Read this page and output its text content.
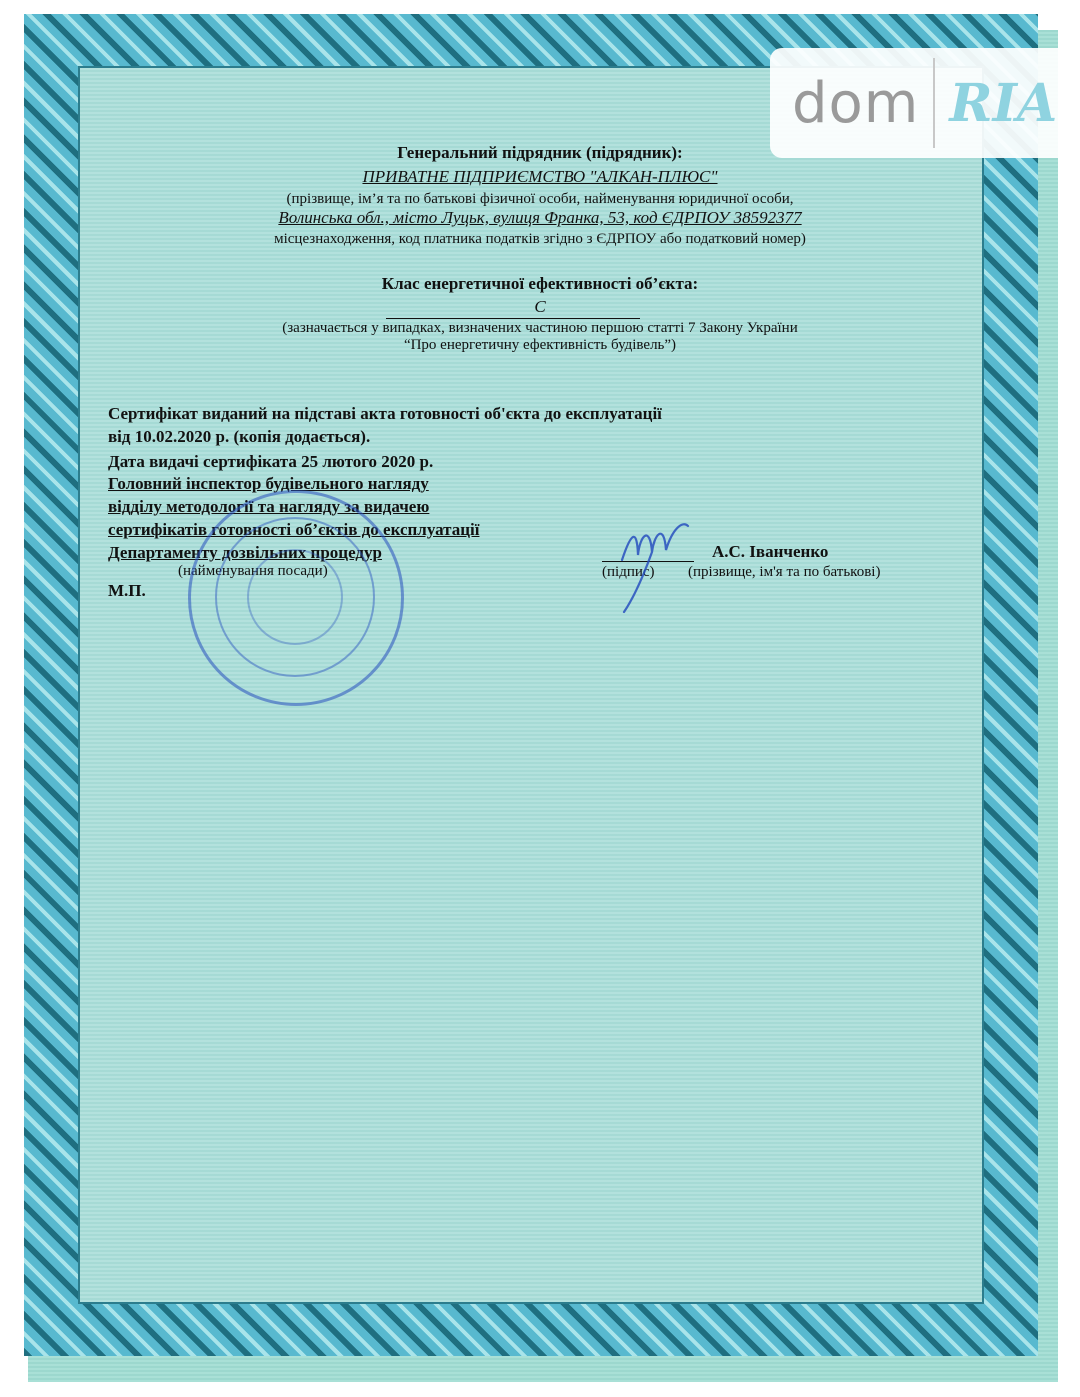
dom RIA
Генеральний підрядник (підрядник):
ПРИВАТНЕ ПІДПРИЄМСТВО "АЛКАН-ПЛЮС"
(прізвище, ім’я та по батькові фізичної особи, найменування юридичної особи,
Волинська обл., місто Луцьк, вулиця Франка, 53, код ЄДРПОУ 38592377
місцезнаходження, код платника податків згідно з ЄДРПОУ або податковий номер)
Клас енергетичної ефективності об’єкта:
С
(зазначається у випадках, визначених частиною першою статті 7 Закону України
“Про енергетичну ефективність будівель”)
Сертифікат виданий на підставі акта готовності об'єкта до експлуатації
від 10.02.2020 р. (копія додається).
Дата видачі сертифіката 25 лютого 2020 р.
Головний інспектор будівельного нагляду
відділу методології та нагляду за видачею
сертифікатів готовності об’єктів до експлуатації
Департаменту дозвільних процедур
(найменування посади)
М.П.
(підпис)
А.С. Іванченко
(прізвище, ім'я та по батькові)
